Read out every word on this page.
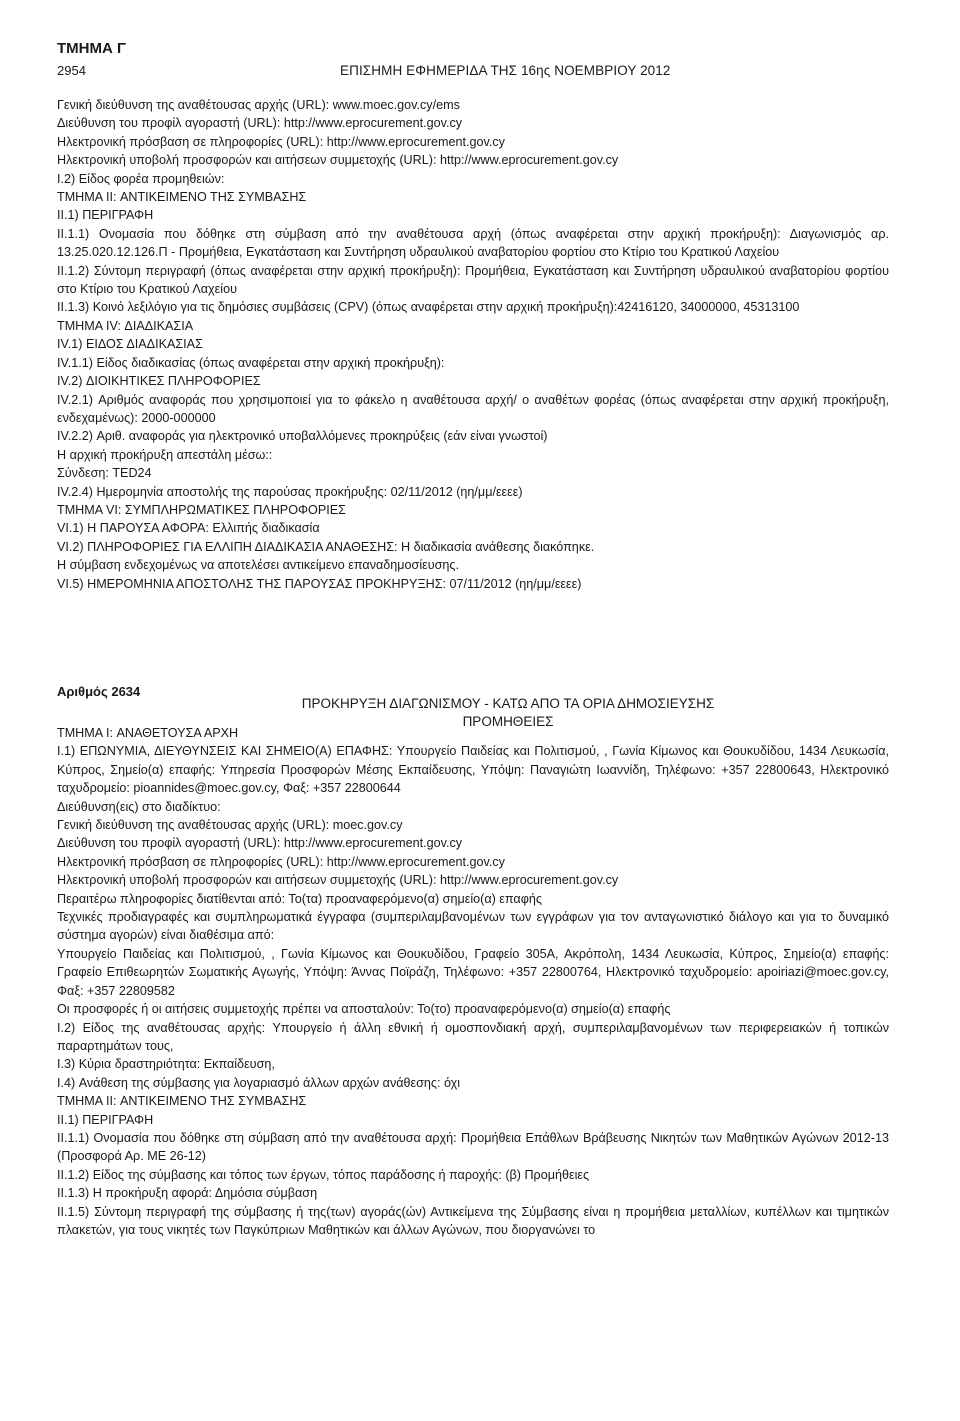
ΤΜΗΜΑ Γ
2954	ΕΠΙΣΗΜΗ ΕΦΗΜΕΡΙΔΑ ΤΗΣ 16ης ΝΟΕΜΒΡΙΟΥ 2012

Γενική διεύθυνση της αναθέτουσας αρχής (URL): www.moec.gov.cy/ems

Διεύθυνση του προφίλ αγοραστή (URL): http://www.eprocurement.gov.cy

Ηλεκτρονική πρόσβαση σε πληροφορίες (URL): http://www.eprocurement.gov.cy

Ηλεκτρονική υποβολή προσφορών και αιτήσεων συμμετοχής (URL): http://www.eprocurement.gov.cy

I.2) Είδος φορέα προμηθειών:

ΤΜΗΜΑ II: ΑΝΤΙΚΕΙΜΕΝΟ ΤΗΣ ΣΥΜΒΑΣΗΣ

II.1) ΠΕΡΙΓΡΑΦΗ

II.1.1) Ονομασία που δόθηκε στη σύμβαση από την αναθέτουσα αρχή (όπως αναφέρεται στην αρχική προκήρυξη): Διαγωνισμός αρ. 13.25.020.12.126.Π - Προμήθεια, Εγκατάσταση και Συντήρηση υδραυλικού αναβατορίου φορτίου στο Κτίριο του Κρατικού Λαχείου

II.1.2) Σύντομη περιγραφή (όπως αναφέρεται στην αρχική προκήρυξη): Προμήθεια, Εγκατάσταση και Συντήρηση υδραυλικού αναβατορίου φορτίου στο Κτίριο του Κρατικού Λαχείου

II.1.3) Κοινό λεξιλόγιο για τις δημόσιες συμβάσεις (CPV) (όπως αναφέρεται στην αρχική προκήρυξη):42416120, 34000000, 45313100

ΤΜΗΜΑ IV: ΔΙΑΔΙΚΑΣΙΑ

IV.1) ΕΙΔΟΣ ΔΙΑΔΙΚΑΣΙΑΣ

IV.1.1) Είδος διαδικασίας (όπως αναφέρεται στην αρχική προκήρυξη):

IV.2) ΔΙΟΙΚΗΤΙΚΕΣ ΠΛΗΡΟΦΟΡΙΕΣ

IV.2.1) Αριθμός αναφοράς που χρησιμοποιεί για το φάκελο η αναθέτουσα αρχή/ ο αναθέτων φορέας (όπως αναφέρεται στην αρχική προκήρυξη, ενδεχαμένως): 2000-000000

IV.2.2) Αριθ. αναφοράς για ηλεκτρονικό υποβαλλόμενες προκηρύξεις (εάν είναι γνωστοί)

Η αρχική προκήρυξη απεστάλη μέσω::

Σύνδεση: TED24

IV.2.4) Ημερομηνία αποστολής της παρούσας προκήρυξης: 02/11/2012 (ηη/μμ/εεεε)

ΤΜΗΜΑ VI: ΣΥΜΠΛΗΡΩΜΑΤΙΚΕΣ ΠΛΗΡΟΦΟΡΙΕΣ

VI.1) Η ΠΑΡΟΥΣΑ ΑΦΟΡΑ: Ελλιπής διαδικασία

VI.2) ΠΛΗΡΟΦΟΡΙΕΣ ΓΙΑ ΕΛΛΙΠΗ ΔΙΑΔΙΚΑΣΙΑ ΑΝΑΘΕΣΗΣ: Η διαδικασία ανάθεσης διακόπηκε.

Η σύμβαση ενδεχομένως να αποτελέσει αντικείμενο επαναδημοσίευσης.

VI.5) ΗΜΕΡΟΜΗΝΙΑ ΑΠΟΣΤΟΛΗΣ ΤΗΣ ΠΑΡΟΥΣΑΣ ΠΡΟΚΗΡΥΞΗΣ: 07/11/2012 (ηη/μμ/εεεε)

Αριθμός 2634
ΠΡΟΚΗΡΥΞΗ ΔΙΑΓΩΝΙΣΜΟΥ - ΚΑΤΩ ΑΠΟ ΤΑ ΟΡΙΑ ΔΗΜΟΣΙΕΥΣΗΣ
ΠΡΟΜΗΘΕΙΕΣ

ΤΜΗΜΑ I: ΑΝΑΘΕΤΟΥΣΑ ΑΡΧΗ

I.1) ΕΠΩΝΥΜΙΑ, ΔΙΕΥΘΥΝΣΕΙΣ ΚΑΙ ΣΗΜΕΙΟ(Α) ΕΠΑΦΗΣ: Υπουργείο Παιδείας και Πολιτισμού, , Γωνία Κίμωνος και Θουκυδίδου, 1434 Λευκωσία, Κύπρος, Σημείο(α) επαφής: Υπηρεσία Προσφορών Μέσης Εκπαίδευσης, Υπόψη: Παναγιώτη Ιωαννίδη, Τηλέφωνο: +357 22800643, Ηλεκτρονικό ταχυδρομείο: pioannides@moec.gov.cy, Φαξ: +357 22800644

Διεύθυνση(εις) στο διαδίκτυο:

Γενική διεύθυνση της αναθέτουσας αρχής (URL): moec.gov.cy

Διεύθυνση του προφίλ αγοραστή (URL): http://www.eprocurement.gov.cy

Ηλεκτρονική πρόσβαση σε πληροφορίες (URL): http://www.eprocurement.gov.cy

Ηλεκτρονική υποβολή προσφορών και αιτήσεων συμμετοχής (URL): http://www.eprocurement.gov.cy

Περαιτέρω πληροφορίες διατίθενται από: Το(τα) προαναφερόμενο(α) σημείο(α) επαφής

Τεχνικές προδιαγραφές και συμπληρωματικά έγγραφα (συμπεριλαμβανομένων των εγγράφων για τον ανταγωνιστικό διάλογο και για το δυναμικό σύστημα αγορών) είναι διαθέσιμα από:

Υπουργείο Παιδείας και Πολιτισμού, , Γωνία Κίμωνος και Θουκυδίδου, Γραφείο 305Α, Ακρόπολη, 1434 Λευκωσία, Κύπρος, Σημείο(α) επαφής: Γραφείο Επιθεωρητών Σωματικής Αγωγής, Υπόψη: Άννας Ποϊράζη, Τηλέφωνο: +357 22800764, Ηλεκτρονικό ταχυδρομείο: apoiriazi@moec.gov.cy, Φαξ: +357 22809582

Οι προσφορές ή οι αιτήσεις συμμετοχής πρέπει να αποσταλούν: Το(το) προαναφερόμενο(α) σημείο(α) επαφής

I.2) Είδος της αναθέτουσας αρχής: Υπουργείο ή άλλη εθνική ή ομοσπονδιακή αρχή, συμπεριλαμβανομένων των περιφερειακών ή τοπικών παραρτημάτων τους,

I.3) Κύρια δραστηριότητα: Εκπαίδευση,

I.4) Ανάθεση της σύμβασης για λογαριασμό άλλων αρχών ανάθεσης: όχι

ΤΜΗΜΑ II: ΑΝΤΙΚΕΙΜΕΝΟ ΤΗΣ ΣΥΜΒΑΣΗΣ

II.1) ΠΕΡΙΓΡΑΦΗ

II.1.1) Ονομασία που δόθηκε στη σύμβαση από την αναθέτουσα αρχή: Προμήθεια Επάθλων Βράβευσης Νικητών των Μαθητικών Αγώνων 2012-13 (Προσφορά Αρ. ΜΕ 26-12)

II.1.2) Είδος της σύμβασης και τόπος των έργων, τόπος παράδοσης ή παροχής: (β) Προμήθειες

II.1.3) Η προκήρυξη αφορά: Δημόσια σύμβαση

II.1.5) Σύντομη περιγραφή της σύμβασης ή της(των) αγοράς(ών) Αντικείμενα της Σύμβασης είναι η προμήθεια μεταλλίων, κυπέλλων και τιμητικών πλακετών, για τους νικητές των Παγκύπριων Μαθητικών και άλλων Αγώνων, που διοργανώνει το
